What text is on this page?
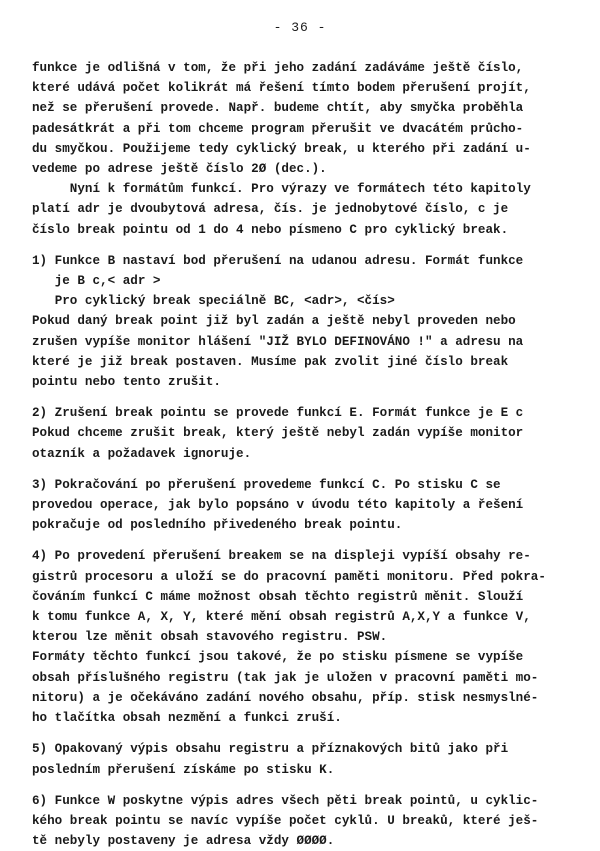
- 36 -

funkce je odlišná v tom, že při jeho zadání zadáváme ještě číslo,
které udává počet kolikrát má řešení tímto bodem přerušení projít,
než se přerušení provede. Např. budeme chtít, aby smyčka proběhla
padesátkrát a při tom chceme program přerušit ve dvacátém průcho-
du smyčkou. Použijeme tedy cyklický break, u kterého při zadání u-
vedeme po adrese ještě číslo 2Ø (dec.).
Nyní k formátům funkcí. Pro výrazy ve formátech této kapitoly
platí adr je dvoubytová adresa, čís. je jednobytové číslo, c je
číslo break pointu od 1 do 4 nebo písmeno C pro cyklický break.

1) Funkce B nastaví bod přerušení na udanou adresu. Formát funkce
je B c,< adr >
Pro cyklický break speciálně BC, <adr>, <čís>
Pokud daný break point již byl zadán a ještě nebyl proveden nebo
zrušen vypíše monitor hlášení "JIŽ BYLO DEFINOVÁNO !" a adresu na
které je již break postaven. Musíme pak zvolit jiné číslo break
pointu nebo tento zrušit.

2) Zrušení break pointu se provede funkcí E. Formát funkce je E c
Pokud chceme zrušit break, který ještě nebyl zadán vypíše monitor
otazník a požadavek ignoruje.

3) Pokračování po přerušení provedeme funkcí C. Po stisku C se
provedou operace, jak bylo popsáno v úvodu této kapitoly a řešení
pokračuje od posledního přivedeného break pointu.

4) Po provedení přerušení breakem se na displeji vypíší obsahy re-
gistrů procesoru a uloží se do pracovní paměti monitoru. Před pokra-
čováním funkcí C máme možnost obsah těchto registrů měnit. Slouží
k tomu funkce A, X, Y, které mění obsah registrů A,X,Y a funkce V,
kterou lze měnit obsah stavového registru. PSW.
Formáty těchto funkcí jsou takové, že po stisku písmene se vypíše
obsah příslušného registru (tak jak je uložen v pracovní paměti mo-
nitoru) a je očekáváno zadání nového obsahu, příp. stisk nesmyslné-
ho tlačítka obsah nezmění a funkci zruší.

5) Opakovaný výpis obsahu registru a příznakových bitů jako při
posledním přerušení získáme po stisku K.

6) Funkce W poskytne výpis adres všech pěti break pointů, u cyklic-
kého break pointu se navíc vypíše počet cyklů. U breaků, které ješ-
tě nebyly postaveny je adresa vždy ØØØØ.
